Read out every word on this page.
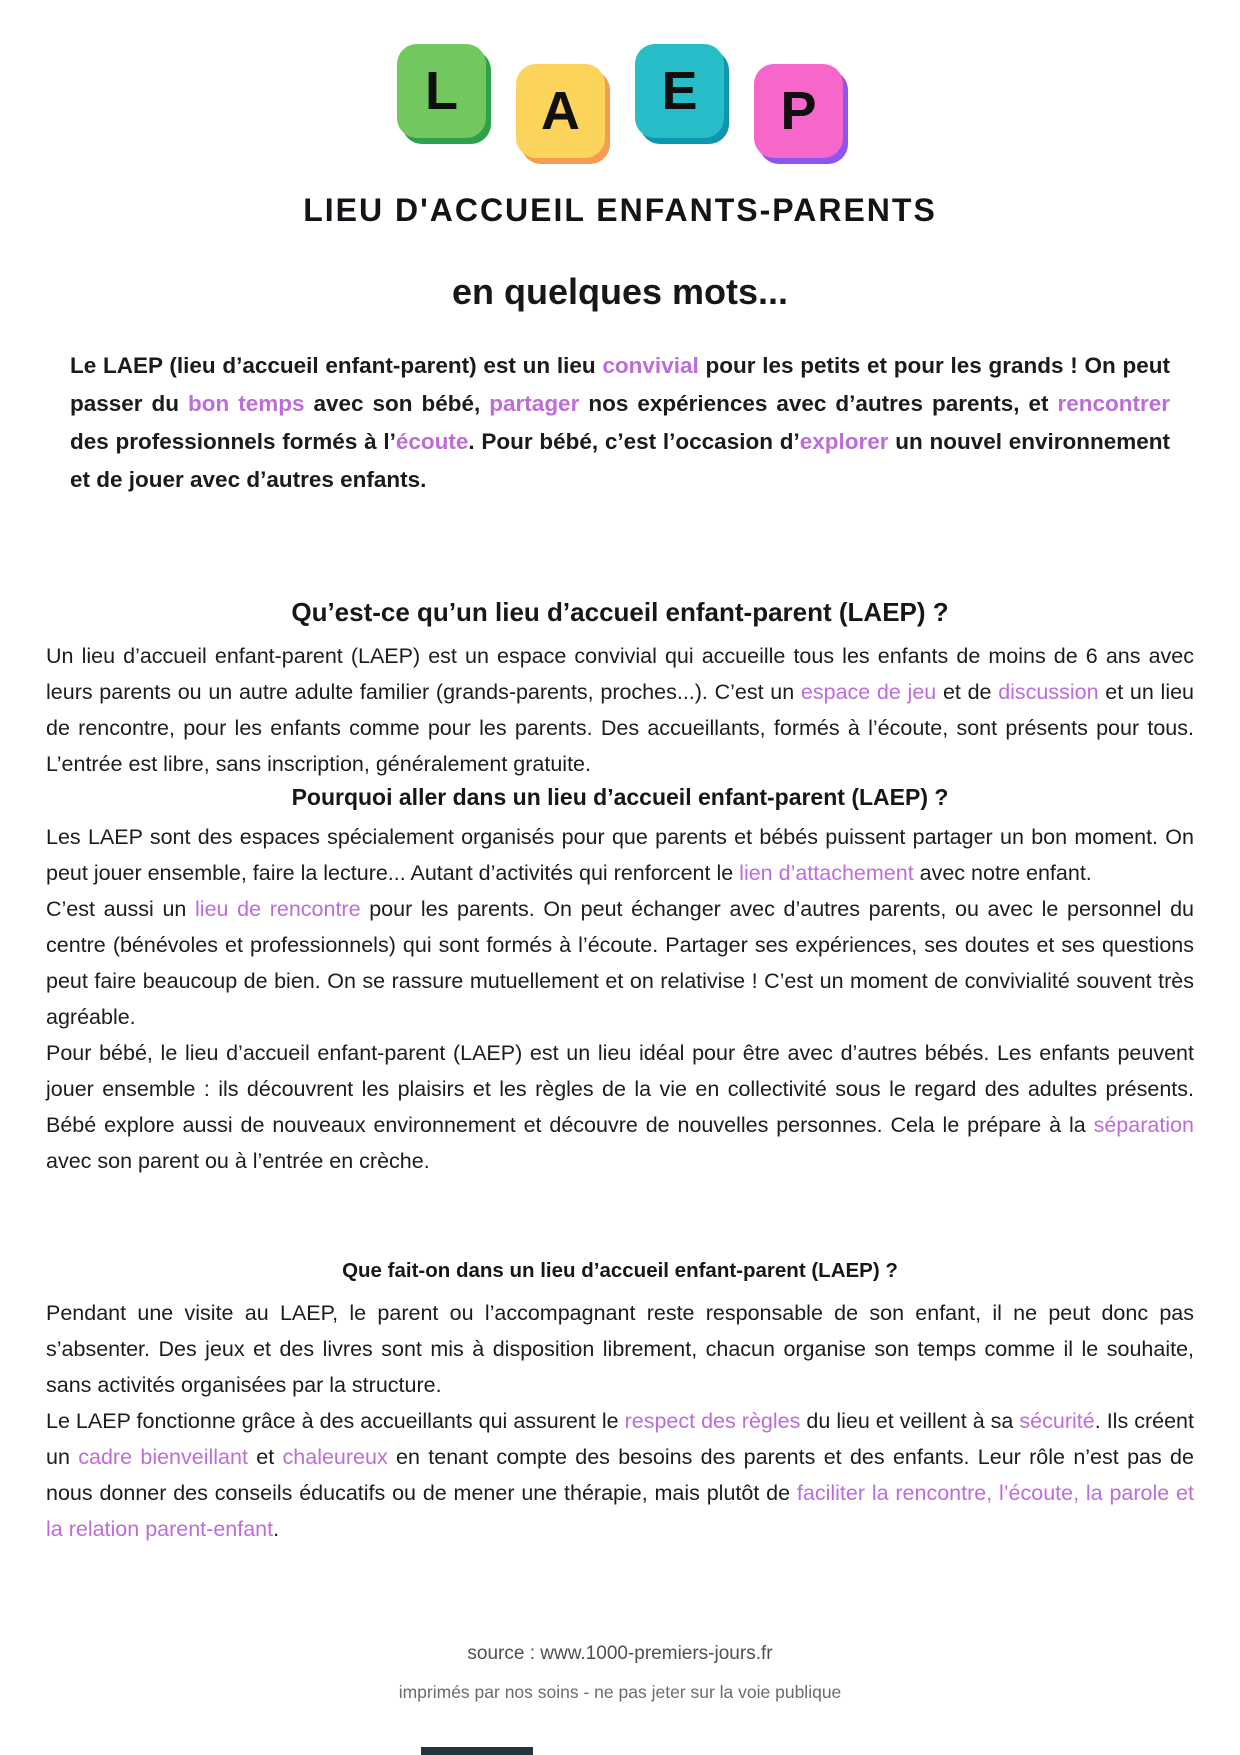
L	A	E	P
LIEU D'ACCUEIL ENFANTS-PARENTS
en quelques mots...
Le LAEP (lieu d’accueil enfant-parent) est un lieu convivial pour les petits et pour les grands ! On peut passer du bon temps avec son bébé, partager nos expériences avec d’autres parents, et rencontrer des professionnels formés à l’écoute. Pour bébé, c’est l’occasion d’explorer un nouvel environnement et de jouer avec d’autres enfants.
Qu’est-ce qu’un lieu d’accueil enfant-parent (LAEP) ?
Un lieu d’accueil enfant-parent (LAEP) est un espace convivial qui accueille tous les enfants de moins de 6 ans avec leurs parents ou un autre adulte familier (grands-parents, proches...). C’est un espace de jeu et de discussion et un lieu de rencontre, pour les enfants comme pour les parents. Des accueillants, formés à l’écoute, sont présents pour tous. L’entrée est libre, sans inscription, généralement gratuite.
Pourquoi aller dans un lieu d’accueil enfant-parent (LAEP) ?
Les LAEP sont des espaces spécialement organisés pour que parents et bébés puissent partager un bon moment. On peut jouer ensemble, faire la lecture... Autant d’activités qui renforcent le lien d’attachement avec notre enfant.
C’est aussi un lieu de rencontre pour les parents. On peut échanger avec d’autres parents, ou avec le personnel du centre (bénévoles et professionnels) qui sont formés à l’écoute. Partager ses expériences, ses doutes et ses questions peut faire beaucoup de bien. On se rassure mutuellement et on relativise ! C’est un moment de convivialité souvent très agréable.
Pour bébé, le lieu d’accueil enfant-parent (LAEP) est un lieu idéal pour être avec d’autres bébés. Les enfants peuvent jouer ensemble : ils découvrent les plaisirs et les règles de la vie en collectivité sous le regard des adultes présents. Bébé explore aussi de nouveaux environnement et découvre de nouvelles personnes. Cela le prépare à la séparation avec son parent ou à l’entrée en crèche.
Que fait-on dans un lieu d’accueil enfant-parent (LAEP) ?
Pendant une visite au LAEP, le parent ou l’accompagnant reste responsable de son enfant, il ne peut donc pas s’absenter. Des jeux et des livres sont mis à disposition librement, chacun organise son temps comme il le souhaite, sans activités organisées par la structure.
Le LAEP fonctionne grâce à des accueillants qui assurent le respect des règles du lieu et veillent à sa sécurité. Ils créent un cadre bienveillant et chaleureux en tenant compte des besoins des parents et des enfants. Leur rôle n’est pas de nous donner des conseils éducatifs ou de mener une thérapie, mais plutôt de faciliter la rencontre, l’écoute, la parole et la relation parent-enfant.
source : www.1000-premiers-jours.fr
imprimés par nos soins - ne pas jeter sur la voie publique
